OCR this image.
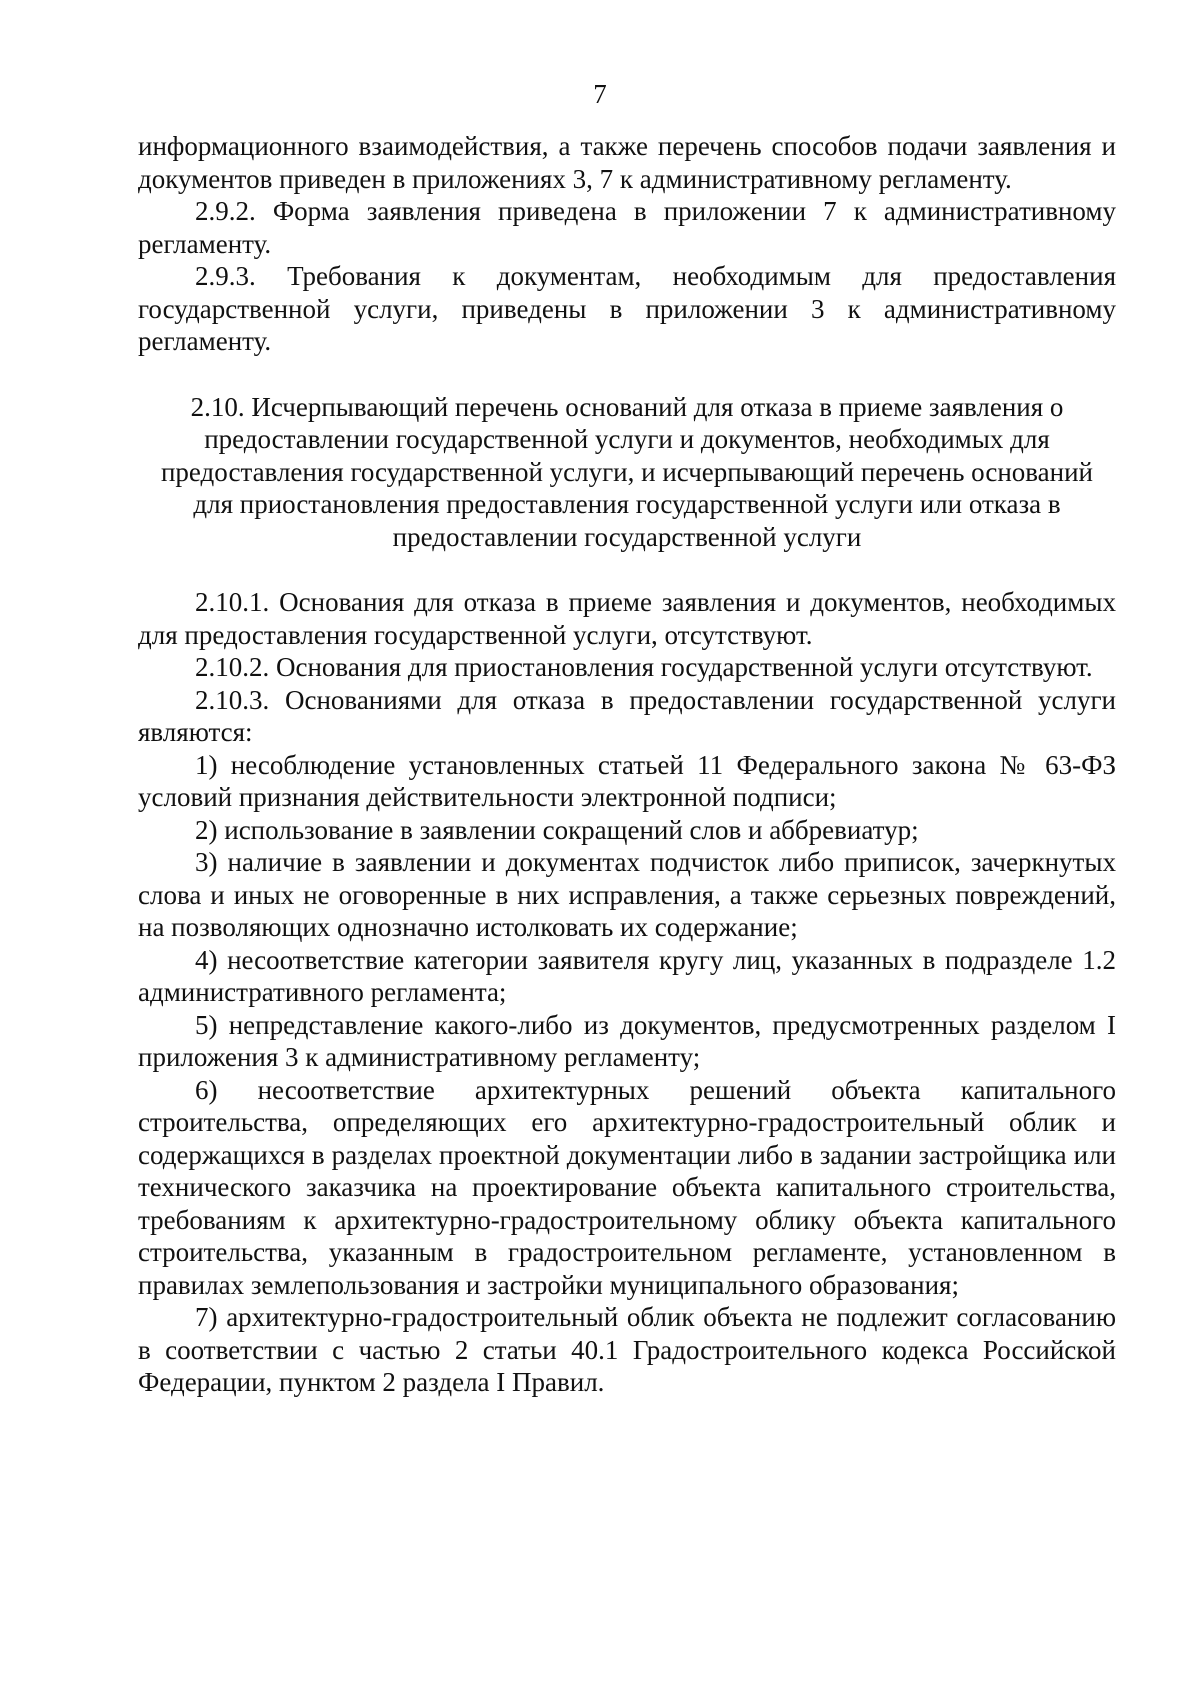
7

информационного взаимодействия, а также перечень способов подачи заявления и документов приведен в приложениях 3, 7 к административному регламенту.

2.9.2. Форма заявления приведена в приложении 7 к административному регламенту.

2.9.3. Требования к документам, необходимым для предоставления государственной услуги, приведены в приложении 3 к административному регламенту.

2.10. Исчерпывающий перечень оснований для отказа в приеме заявления о предоставлении государственной услуги и документов, необходимых для предоставления государственной услуги, и исчерпывающий перечень оснований для приостановления предоставления государственной услуги или отказа в предоставлении государственной услуги

2.10.1. Основания для отказа в приеме заявления и документов, необходимых для предоставления государственной услуги, отсутствуют.

2.10.2. Основания для приостановления государственной услуги отсутствуют.

2.10.3. Основаниями для отказа в предоставлении государственной услуги являются:

1) несоблюдение установленных статьей 11 Федерального закона № 63-ФЗ условий признания действительности электронной подписи;

2) использование в заявлении сокращений слов и аббревиатур;

3) наличие в заявлении и документах подчисток либо приписок, зачеркнутых слова и иных не оговоренные в них исправления, а также серьезных повреждений, на позволяющих однозначно истолковать их содержание;

4) несоответствие категории заявителя кругу лиц, указанных в подразделе 1.2 административного регламента;

5) непредставление какого-либо из документов, предусмотренных разделом I приложения 3 к административному регламенту;

6) несоответствие архитектурных решений объекта капитального строительства, определяющих его архитектурно-градостроительный облик и содержащихся в разделах проектной документации либо в задании застройщика или технического заказчика на проектирование объекта капитального строительства, требованиям к архитектурно-градостроительному облику объекта капитального строительства, указанным в градостроительном регламенте, установленном в правилах землепользования и застройки муниципального образования;

7) архитектурно-градостроительный облик объекта не подлежит согласованию в соответствии с частью 2 статьи 40.1 Градостроительного кодекса Российской Федерации, пунктом 2 раздела I Правил.
